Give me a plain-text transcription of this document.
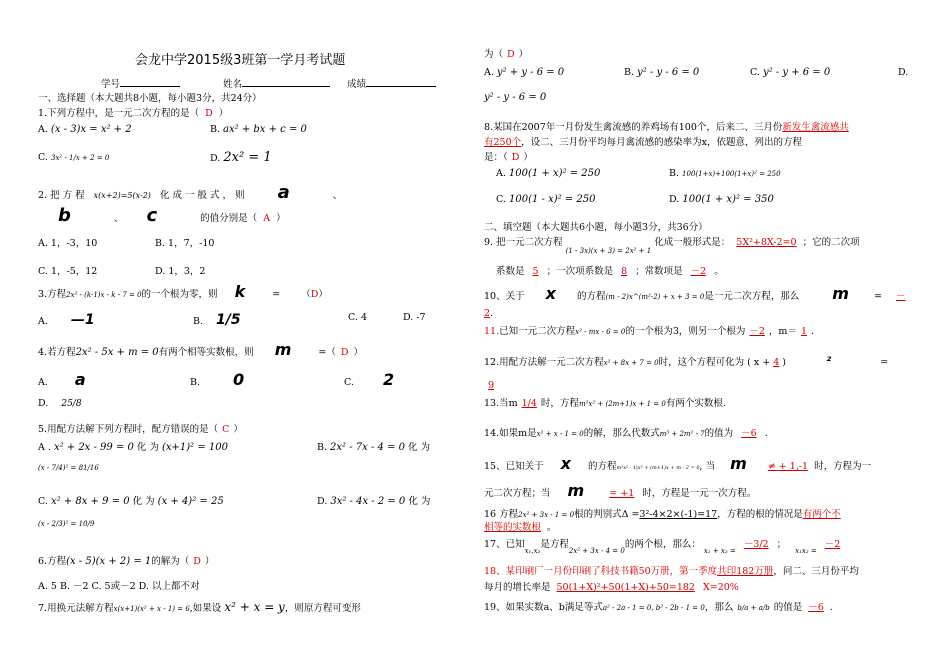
会龙中学2015级3班第一学月考试题
学号	姓名	成绩
一、选择题（本大题共8小题，每小题3分，共24分）
1.下列方程中，是一元二次方程的是（ D ）
A. (x - 3)x = x² + 2	B. ax² + bx + c = 0
C. 3x² - 1/x + 2 = 0	D. 2x² = 1
2. 把 方 程 x(x+2)=5(x-2) 化 成 一 般 式 ， 则 a	、
b	、 c	的值分别是（ A ）
A. 1，-3，10	B. 1，7，-10
C. 1，-5，12	D. 1，3，2
3.方程2x² - (k-1)x - k - 7 = 0的一个根为零，则 k	= （D）
A. —1	B. 1/5	C. 4	D. -7
4.若方程2x² - 5x + m = 0有两个相等实数根，则 m	=（ D ）
A. a	B. 0	C. 2
D. 25/8
5.用配方法解下列方程时，配方错误的是（ C ）
A . x² + 2x - 99 = 0 化 为 (x+1)² = 100	B. 2x² - 7x - 4 = 0 化 为
(x - 7/4)² = 81/16
C. x² + 8x + 9 = 0 化 为 (x + 4)² = 25	D. 3x² - 4x - 2 = 0 化 为
(x - 2/3)² = 10/9
6.方程(x - 5)(x + 2) = 1的解为（ D ）
A. 5 B. －2 C. 5或－2 D. 以上都不对
7.用换元法解方程x(x+1)(x² + x - 1) = 6,如果设 x² + x = y，则原方程可变形
为（ D ）
A. y² + y - 6 = 0	B. y² - y - 6 = 0	C. y² - y + 6 = 0	D.
y² - y - 6 = 0
8.某国在2007年一月份发生禽流感的养鸡场有100个，后来二、三月份新发生禽流感共
有250个，设二、三月份平均每月禽流感的感染率为x，依题意，列出的方程
是：（ D ）
A. 100(1 + x)² = 250	B. 100(1+x)+100(1+x)² = 250
C. 100(1 - x)² = 250	D. 100(1 + x)² = 350
二、填空题（本大题共6小题，每小题3分，共36分）
9. 把一元二次方程 $_{(1 - 3x)(x + 3) = 2x^2 + 1}$ 化成一般形式是： 5X²+8X-2=0 ；它的二次项
系数是 5 ；一次项系数是 8 ；常数项是 －2 。
10、关于 x 的方程(m - 2)x^(m²-2) + x + 3 = 0是一元二次方程，那么 m	= －
2.
11.已知一元二次方程x² - mx - 6 = 0的一个根为3，则另一个根为 －2 ，m＝ 1 .
12.用配方法解一元二次方程x² + 8x + 7 = 0时，这个方程可化为 ( x + 4 )	²	=
9
13.当m 1/4 时，方程m²x² + (2m+1)x + 1 = 0有两个实数根.
14.如果m是x² + x - 1 = 0的解，那么代数式m³ + 2m² - 7的值为 －6 .
15、已知关于 x 的方程m²x² - 1|x² + (m+1)x + m - 2 = 0, 当 m ≠ + 1,-1 时，方程为一
元二次方程；当 m	= +1 时，方程是一元一次方程。
16 方程2x² + 3x - 1 = 0根的判别式Δ =3²-4×2×(-1)=17，方程的根的情况是有两个不
相等的实数根 。
17、已知$_{x_1,x_2}$是方程$_{2x^2 + 3x - 4 = 0}$的两个根，那么： $_{x_1 + x_2 =}$－3/2 ； $_{x_1x_2 =}$－2
18、某印刷厂一月份印刷了科技书籍50万册，第一季度共印182万册，问二、三月份平均
每月的增长率是 50(1+X)²+50(1+X)+50=182 X=20%
19、如果实数a、b满足等式a² - 2a - 1 = 0, b² - 2b - 1 = 0，那么 b/a + a/b 的值是 －6 .
